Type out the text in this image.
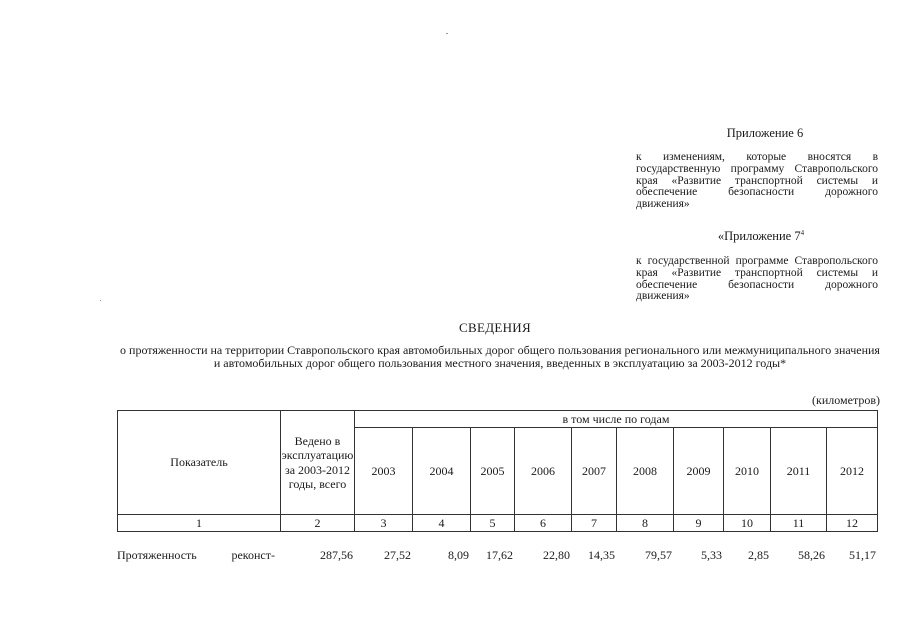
Приложение 6
к изменениям, которые вносятся в государственную программу Ставропольского края «Развитие транспортной системы и обеспечение безопасности дорожного движения»
«Приложение $7^4$
к государственной программе Ставропольского края «Развитие транспортной системы и обеспечение безопасности дорожного движения»
СВЕДЕНИЯ
о протяженности на территории Ставропольского края автомобильных дорог общего пользования регионального или межмуниципального значения и автомобильных дорог общего пользования местного значения, введенных в эксплуатацию за 2003-2012 годы*
(километров)
Показатель	Ведено в эксплуатацию за 2003-2012 годы, всего	в том числе по годам									
		2003	2004	2005	2006	2007	2008	2009	2010	2011	2012
1	2	3	4	5	6	7	8	9	10	11	12
Протяженность реконст-	287,56	27,52	8,09	17,62	22,80	14,35	79,57	5,33	2,85	58,26	51,17
